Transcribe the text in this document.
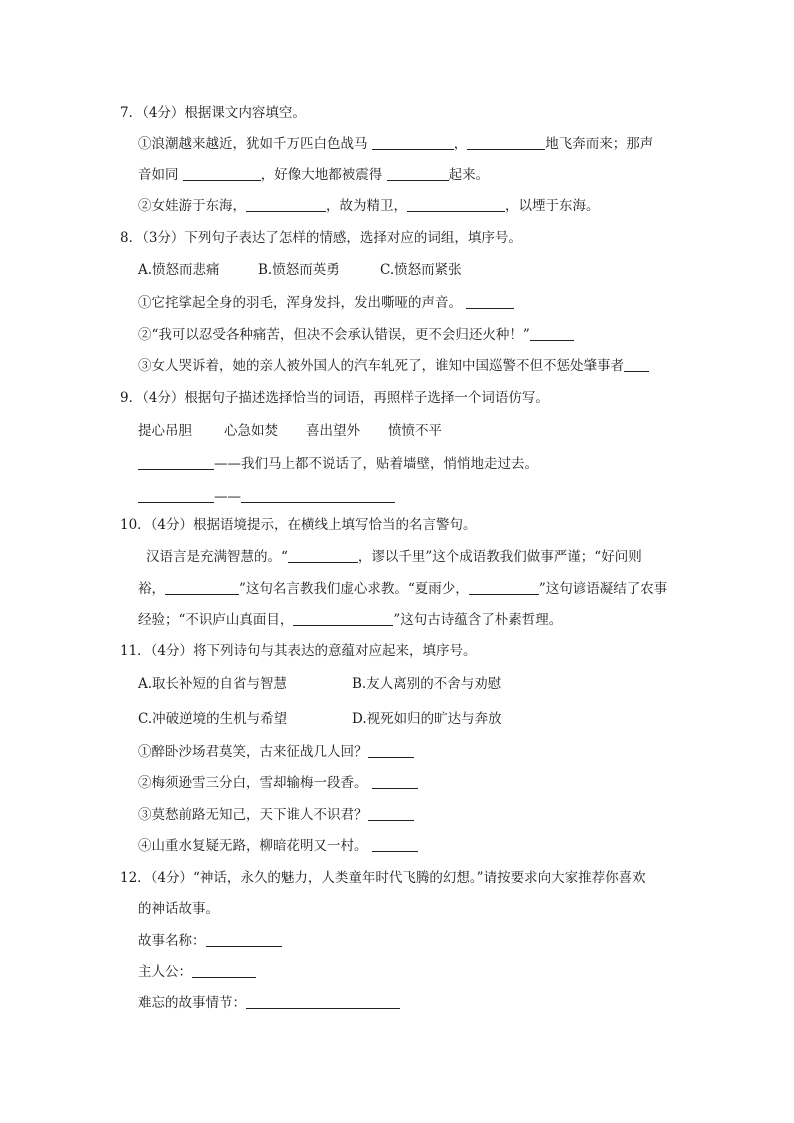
7．（4分）根据课文内容填空。
①浪潮越来越近，犹如千万匹白色战马	，	地飞奔而来；那声
音如同	，好像大地都被震得	起来。
②女娃游于东海，	，故为精卫，	，以堙于东海。
8．（3分）下列句子表达了怎样的情感，选择对应的词组，填序号。
A.愤怒而悲痛	B.愤怒而英勇	C.愤怒而紧张
①它挓挲起全身的羽毛，浑身发抖，发出嘶哑的声音。
②“我可以忍受各种痛苦，但决不会承认错误，更不会归还火种！”
③女人哭诉着，她的亲人被外国人的汽车轧死了，谁知中国巡警不但不惩处肇事者
9．（4分）根据句子描述选择恰当的词语，再照样子选择一个词语仿写。
提心吊胆 心急如焚 喜出望外 愤愤不平
——我们马上都不说话了，贴着墙壁，悄悄地走过去。
——
10．（4分）根据语境提示，在横线上填写恰当的名言警句。
汉语言是充满智慧的。“	，谬以千里”这个成语教我们做事严谨；“好问则
裕，	”这句名言教我们虚心求教。“夏雨少，	”这句谚语凝结了农事
经验；“不识庐山真面目，	”这句古诗蕴含了朴素哲理。
11．（4分）将下列诗句与其表达的意蕴对应起来，填序号。
A.取长补短的自省与智慧	B.友人离别的不舍与劝慰
C.冲破逆境的生机与希望	D.视死如归的旷达与奔放
①醉卧沙场君莫笑，古来征战几人回？
②梅须逊雪三分白，雪却输梅一段香。
③莫愁前路无知己，天下谁人不识君？
④山重水复疑无路，柳暗花明又一村。
12．（4分）“神话，永久的魅力，人类童年时代飞腾的幻想。”请按要求向大家推荐你喜欢
的神话故事。
故事名称：
主人公：
难忘的故事情节：
